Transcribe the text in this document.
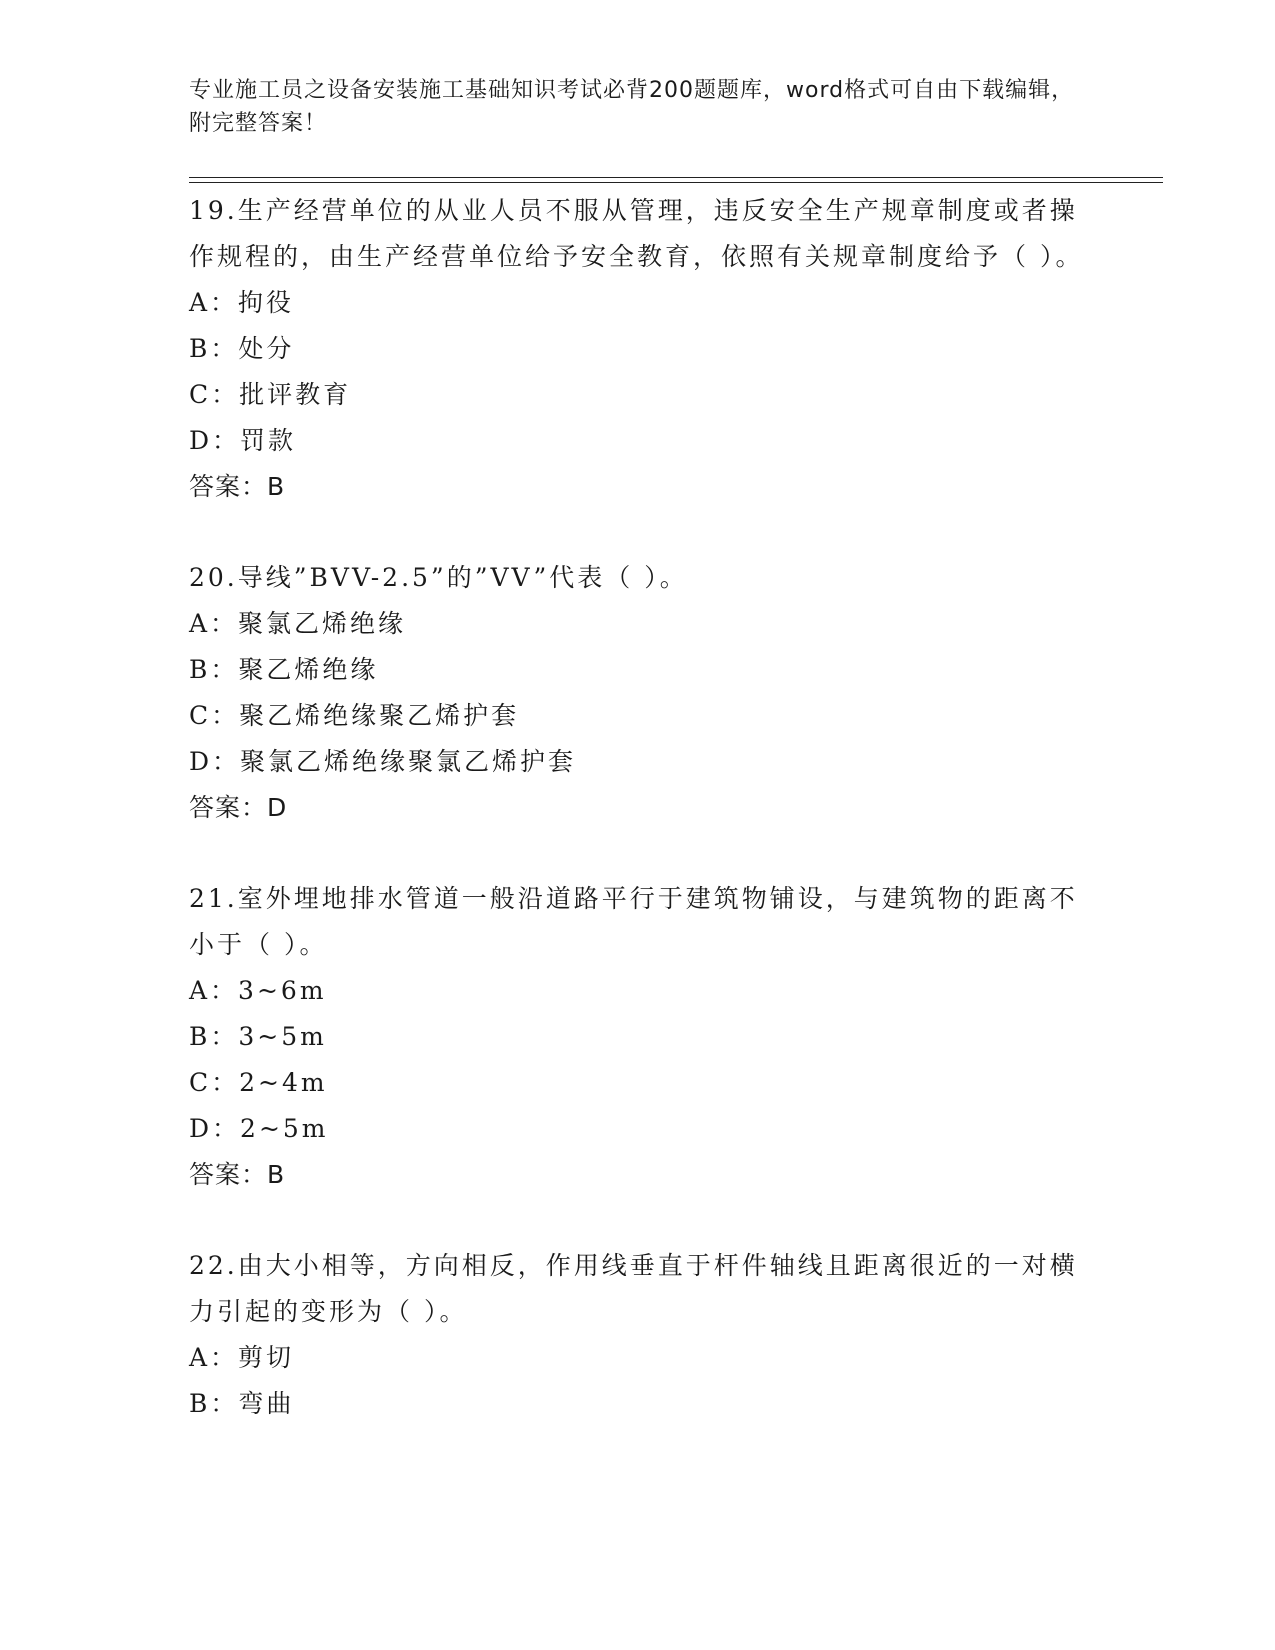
专业施工员之设备安装施工基础知识考试必背200题题库，word格式可自由下载编辑，附完整答案！
19.生产经营单位的从业人员不服从管理，违反安全生产规章制度或者操作规程的，由生产经营单位给予安全教育，依照有关规章制度给予（ ）。
A：拘役
B：处分
C：批评教育
D：罚款
答案：B
20.导线”BVV-2.5”的”VV”代表（ ）。
A：聚氯乙烯绝缘
B：聚乙烯绝缘
C：聚乙烯绝缘聚乙烯护套
D：聚氯乙烯绝缘聚氯乙烯护套
答案：D
21.室外埋地排水管道一般沿道路平行于建筑物铺设，与建筑物的距离不小于（ ）。
A：3~6m
B：3~5m
C：2~4m
D：2~5m
答案：B
22.由大小相等，方向相反，作用线垂直于杆件轴线且距离很近的一对横力引起的变形为（ ）。
A：剪切
B：弯曲
